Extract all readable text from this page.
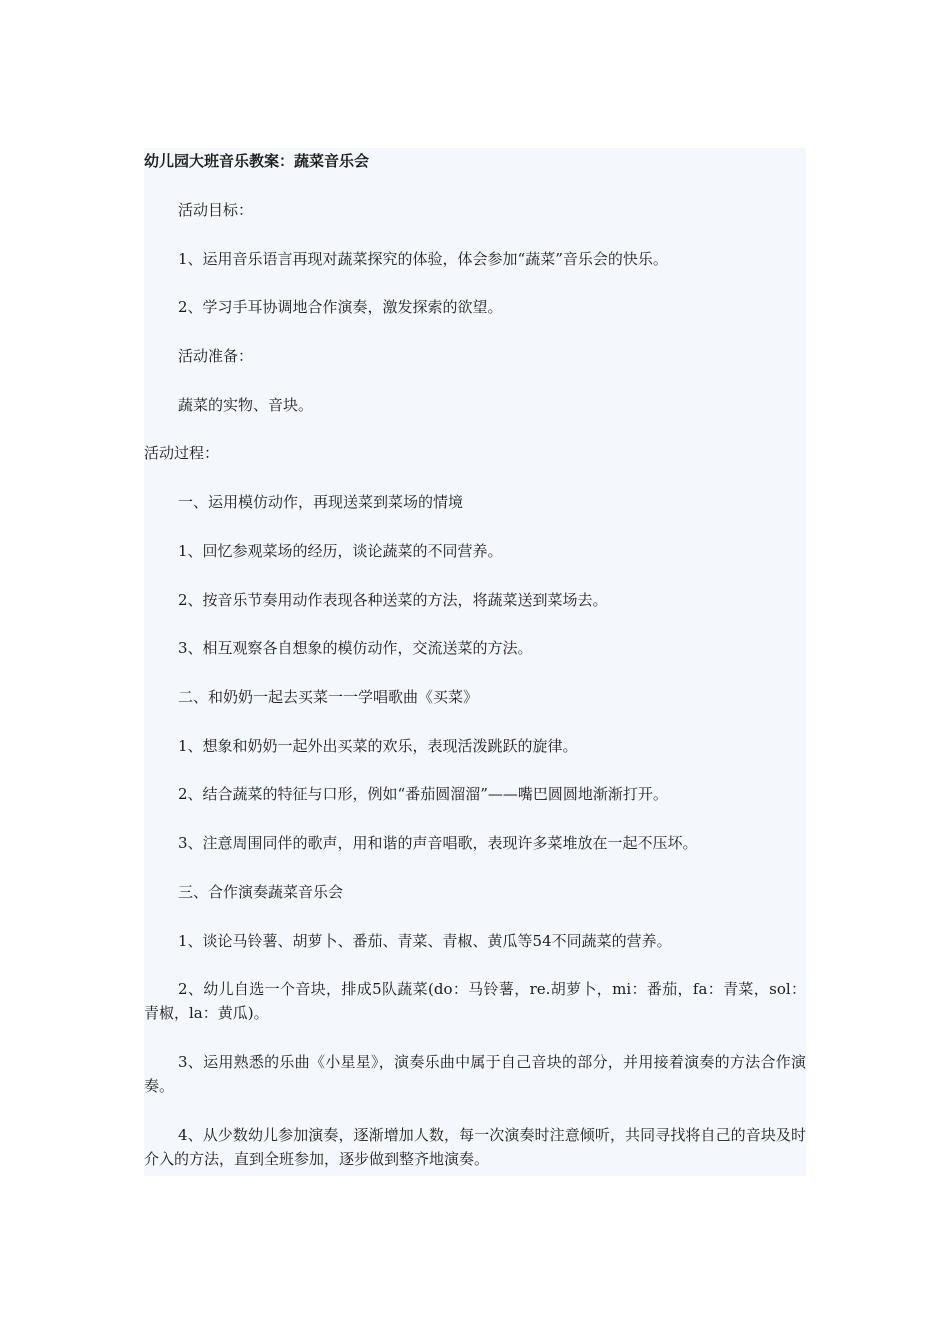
幼儿园大班音乐教案：蔬菜音乐会
活动目标：
1、运用音乐语言再现对蔬菜探究的体验，体会参加“蔬菜”音乐会的快乐。
2、学习手耳协调地合作演奏，激发探索的欲望。
活动准备：
蔬菜的实物、音块。
活动过程：
一、运用模仿动作，再现送菜到菜场的情境
1、回忆参观菜场的经历，谈论蔬菜的不同营养。
2、按音乐节奏用动作表现各种送菜的方法，将蔬菜送到菜场去。
3、相互观察各自想象的模仿动作，交流送菜的方法。
二、和奶奶一起去买菜一一学唱歌曲《买菜》
1、想象和奶奶一起外出买菜的欢乐，表现活泼跳跃的旋律。
2、结合蔬菜的特征与口形，例如“番茄圆溜溜”——嘴巴圆圆地渐渐打开。
3、注意周围同伴的歌声，用和谐的声音唱歌，表现许多菜堆放在一起不压坏。
三、合作演奏蔬菜音乐会
1、谈论马铃薯、胡萝卜、番茄、青菜、青椒、黄瓜等54不同蔬菜的营养。
2、幼儿自选一个音块，排成5队蔬菜(do：马铃薯，re.胡萝卜，mi：番茄，fa：青菜，sol：青椒，la：黄瓜)。
3、运用熟悉的乐曲《小星星》，演奏乐曲中属于自己音块的部分，并用接着演奏的方法合作演奏。
4、从少数幼儿参加演奏，逐渐增加人数，每一次演奏时注意倾听，共同寻找将自己的音块及时介入的方法，直到全班参加，逐步做到整齐地演奏。
